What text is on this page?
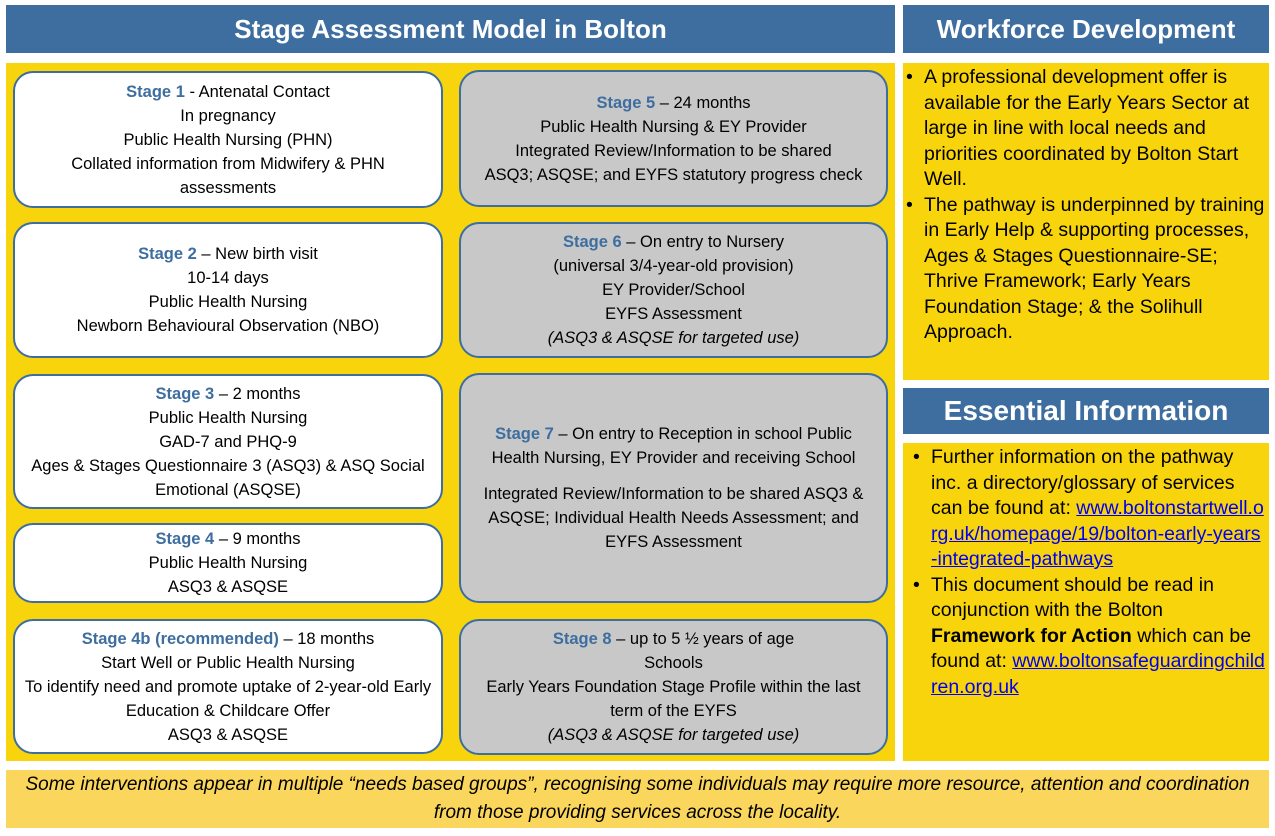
Stage Assessment Model in Bolton	Workforce Development
Stage 1 - Antenatal Contact
In pregnancy
Public Health Nursing (PHN)
Collated information from Midwifery & PHN assessments
Stage 2 – New birth visit
10-14 days
Public Health Nursing
Newborn Behavioural Observation (NBO)
Stage 3 – 2 months
Public Health Nursing
GAD-7 and PHQ-9
Ages & Stages Questionnaire 3 (ASQ3) & ASQ Social Emotional (ASQSE)
Stage 4 – 9 months
Public Health Nursing
ASQ3 & ASQSE
Stage 4b (recommended) – 18 months
Start Well or Public Health Nursing
To identify need and promote uptake of 2-year-old Early Education & Childcare Offer
ASQ3 & ASQSE
Stage 5 – 24 months
Public Health Nursing & EY Provider
Integrated Review/Information to be shared
ASQ3; ASQSE; and EYFS statutory progress check
Stage 6 – On entry to Nursery
(universal 3/4-year-old provision)
EY Provider/School
EYFS Assessment
(ASQ3 & ASQSE for targeted use)
Stage 7 – On entry to Reception in school Public Health Nursing, EY Provider and receiving School
Integrated Review/Information to be shared ASQ3 & ASQSE; Individual Health Needs Assessment; and EYFS Assessment
Stage 8 – up to 5 ½ years of age
Schools
Early Years Foundation Stage Profile within the last term of the EYFS
(ASQ3 & ASQSE for targeted use)
• A professional development offer is available for the Early Years Sector at large in line with local needs and priorities coordinated by Bolton Start Well.
• The pathway is underpinned by training in Early Help & supporting processes, Ages & Stages Questionnaire-SE; Thrive Framework; Early Years Foundation Stage; & the Solihull Approach.
Essential Information
• Further information on the pathway inc. a directory/glossary of services can be found at: www.boltonstartwell.org.uk/homepage/19/bolton-early-years-integrated-pathways
• This document should be read in conjunction with the Bolton Framework for Action which can be found at: www.boltonsafeguardingchildren.org.uk
Some interventions appear in multiple “needs based groups”, recognising some individuals may require more resource, attention and coordination from those providing services across the locality.
